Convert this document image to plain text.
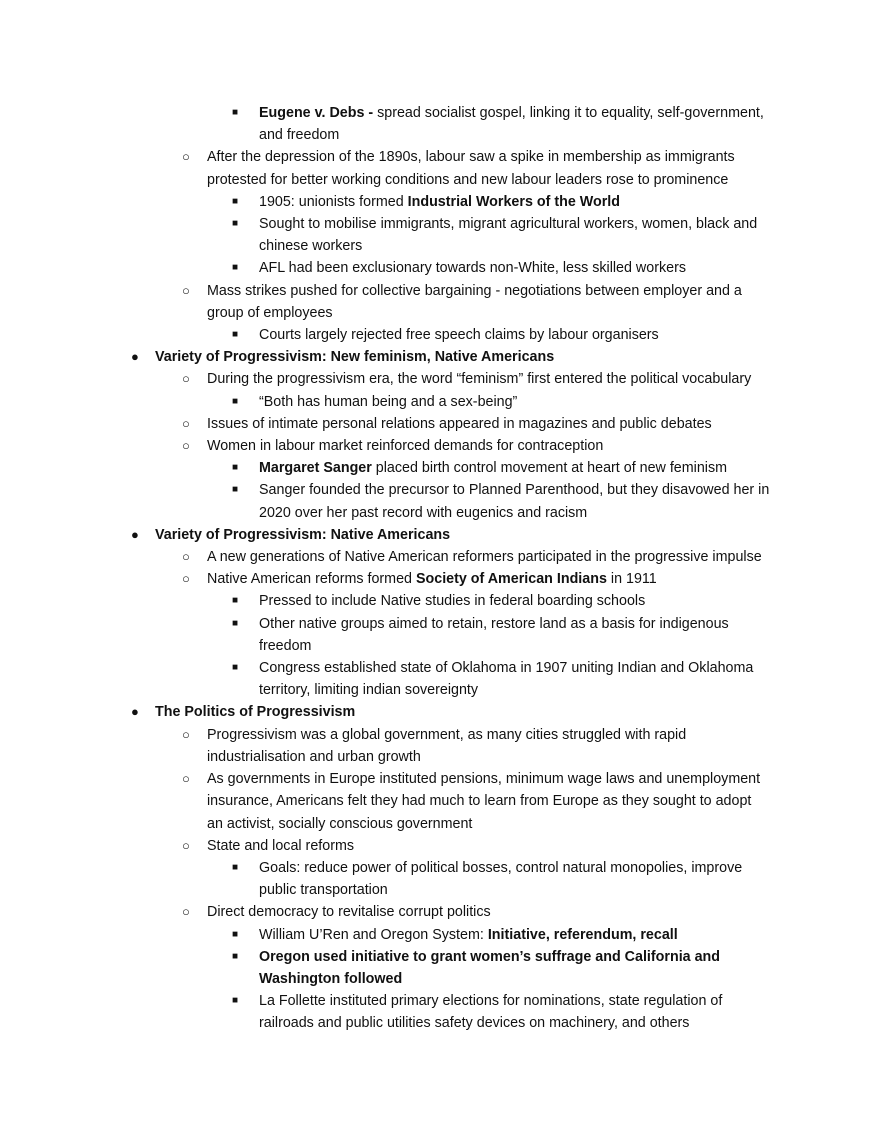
■ Eugene v. Debs - spread socialist gospel, linking it to equality, self-government,
and freedom
○ After the depression of the 1890s, labour saw a spike in membership as immigrants
protested for better working conditions and new labour leaders rose to prominence
■ 1905: unionists formed Industrial Workers of the World
■ Sought to mobilise immigrants, migrant agricultural workers, women, black and
chinese workers
■ AFL had been exclusionary towards non-White, less skilled workers
○ Mass strikes pushed for collective bargaining - negotiations between employer and a
group of employees
■ Courts largely rejected free speech claims by labour organisers
● Variety of Progressivism: New feminism, Native Americans
○ During the progressivism era, the word “feminism” first entered the political vocabulary
■ “Both has human being and a sex-being”
○ Issues of intimate personal relations appeared in magazines and public debates
○ Women in labour market reinforced demands for contraception
■ Margaret Sanger placed birth control movement at heart of new feminism
■ Sanger founded the precursor to Planned Parenthood, but they disavowed her in
2020 over her past record with eugenics and racism
● Variety of Progressivism: Native Americans
○ A new generations of Native American reformers participated in the progressive impulse
○ Native American reforms formed Society of American Indians in 1911
■ Pressed to include Native studies in federal boarding schools
■ Other native groups aimed to retain, restore land as a basis for indigenous
freedom
■ Congress established state of Oklahoma in 1907 uniting Indian and Oklahoma
territory, limiting indian sovereignty
● The Politics of Progressivism
○ Progressivism was a global government, as many cities struggled with rapid
industrialisation and urban growth
○ As governments in Europe instituted pensions, minimum wage laws and unemployment
insurance, Americans felt they had much to learn from Europe as they sought to adopt
an activist, socially conscious government
○ State and local reforms
■ Goals: reduce power of political bosses, control natural monopolies, improve
public transportation
○ Direct democracy to revitalise corrupt politics
■ William U’Ren and Oregon System: Initiative, referendum, recall
■ Oregon used initiative to grant women’s suffrage and California and
Washington followed
■ La Follette instituted primary elections for nominations, state regulation of
railroads and public utilities safety devices on machinery, and others
